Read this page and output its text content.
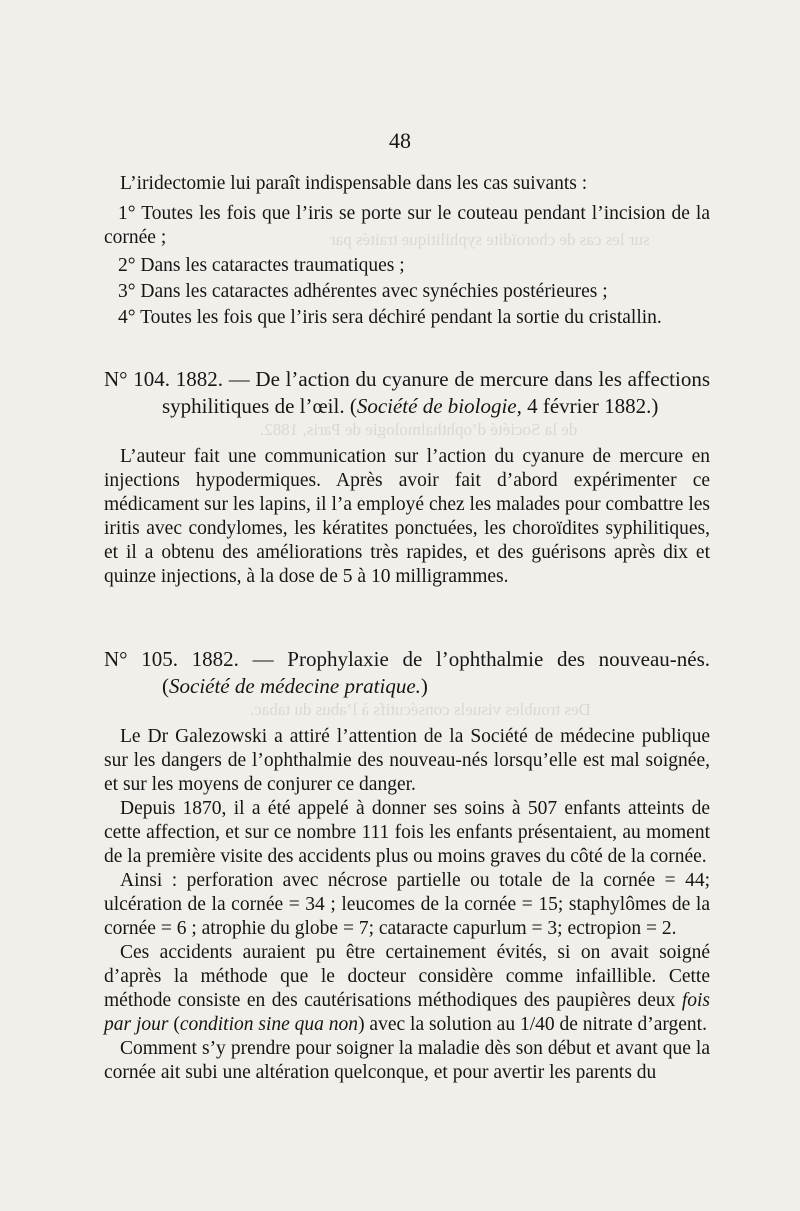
sur les cas de choroïdite syphilitique traités par
de la Société d’ophthalmologie de Paris, 1882.
Des troubles visuels consécutifs à l’abus du tabac.
48

L’iridectomie lui paraît indispensable dans les cas suivants :

1° Toutes les fois que l’iris se porte sur le couteau pendant l’incision de la cornée ;

2° Dans les cataractes traumatiques ;

3° Dans les cataractes adhérentes avec synéchies postérieures ;

4° Toutes les fois que l’iris sera déchiré pendant la sortie du cristallin.

N° 104. 1882. — De l’action du cyanure de mercure dans les affections syphilitiques de l’œil. (Société de biologie, 4 février 1882.)

L’auteur fait une communication sur l’action du cyanure de mercure en injections hypodermiques. Après avoir fait d’abord expérimenter ce médicament sur les lapins, il l’a employé chez les malades pour combattre les iritis avec condylomes, les kératites ponctuées, les choroïdites syphilitiques, et il a obtenu des améliorations très rapides, et des guérisons après dix et quinze injections, à la dose de 5 à 10 milligrammes.

N° 105. 1882. — Prophylaxie de l’ophthalmie des nouveau-nés. (Société de médecine pratique.)

Le Dr Galezowski a attiré l’attention de la Société de médecine publique sur les dangers de l’ophthalmie des nouveau-nés lorsqu’elle est mal soignée, et sur les moyens de conjurer ce danger.

Depuis 1870, il a été appelé à donner ses soins à 507 enfants atteints de cette affection, et sur ce nombre 111 fois les enfants présentaient, au moment de la première visite des accidents plus ou moins graves du côté de la cornée.

Ainsi : perforation avec nécrose partielle ou totale de la cornée = 44; ulcération de la cornée = 34 ; leucomes de la cornée = 15; staphylômes de la cornée = 6 ; atrophie du globe = 7; cataracte capurlum = 3; ectropion = 2.

Ces accidents auraient pu être certainement évités, si on avait soigné d’après la méthode que le docteur considère comme infaillible. Cette méthode consiste en des cautérisations méthodiques des paupières deux fois par jour (condition sine qua non) avec la solution au 1/40 de nitrate d’argent.

Comment s’y prendre pour soigner la maladie dès son début et avant que la cornée ait subi une altération quelconque, et pour avertir les parents du
